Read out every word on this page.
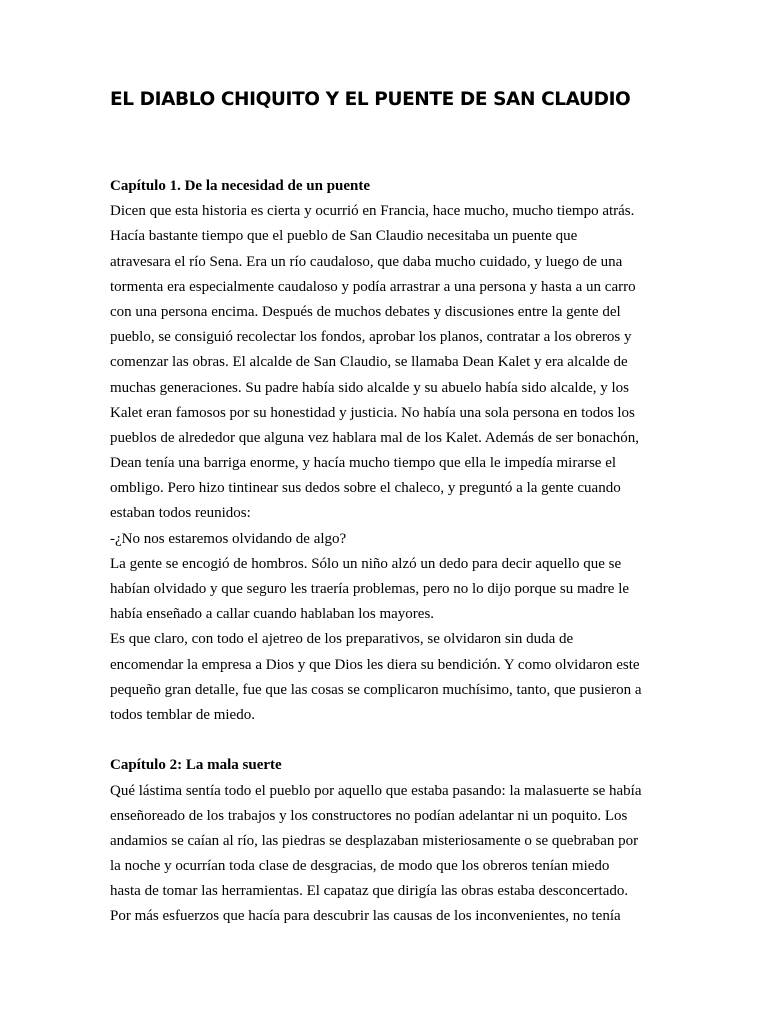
EL DIABLO CHIQUITO Y EL PUENTE DE SAN CLAUDIO
Capítulo 1. De la necesidad de un puente
Dicen que esta historia es cierta y ocurrió en Francia, hace mucho, mucho tiempo atrás.
Hacía bastante tiempo que el pueblo de San Claudio necesitaba un puente que
atravesara el río Sena. Era un río caudaloso, que daba mucho cuidado, y luego de una
tormenta era especialmente caudaloso y podía arrastrar a una persona y hasta a un carro
con una persona encima. Después de muchos debates y discusiones entre la gente del
pueblo, se consiguió recolectar los fondos, aprobar los planos, contratar a los obreros y
comenzar las obras. El alcalde de San Claudio, se llamaba Dean Kalet y era alcalde de
muchas generaciones. Su padre había sido alcalde y su abuelo había sido alcalde, y los
Kalet eran famosos por su honestidad y justicia. No había una sola persona en todos los
pueblos de alrededor que alguna vez hablara mal de los Kalet. Además de ser bonachón,
Dean tenía una barriga enorme, y hacía mucho tiempo que ella le impedía mirarse el
ombligo. Pero hizo tintinear sus dedos sobre el chaleco, y preguntó a la gente cuando
estaban todos reunidos:
-¿No nos estaremos olvidando de algo?
La gente se encogió de hombros. Sólo un niño alzó un dedo para decir aquello que se
habían olvidado y que seguro les traería problemas, pero no lo dijo porque su madre le
había enseñado a callar cuando hablaban los mayores.
Es que claro, con todo el ajetreo de los preparativos, se olvidaron sin duda de
encomendar la empresa a Dios y que Dios les diera su bendición. Y como olvidaron este
pequeño gran detalle, fue que las cosas se complicaron muchísimo, tanto, que pusieron a
todos temblar de miedo.
Capítulo 2: La mala suerte
Qué lástima sentía todo el pueblo por aquello que estaba pasando: la malasuerte se había
enseñoreado de los trabajos y los constructores no podían adelantar ni un poquito. Los
andamios se caían al río, las piedras se desplazaban misteriosamente o se quebraban por
la noche y ocurrían toda clase de desgracias, de modo que los obreros tenían miedo
hasta de tomar las herramientas. El capataz que dirigía las obras estaba desconcertado.
Por más esfuerzos que hacía para descubrir las causas de los inconvenientes, no tenía
